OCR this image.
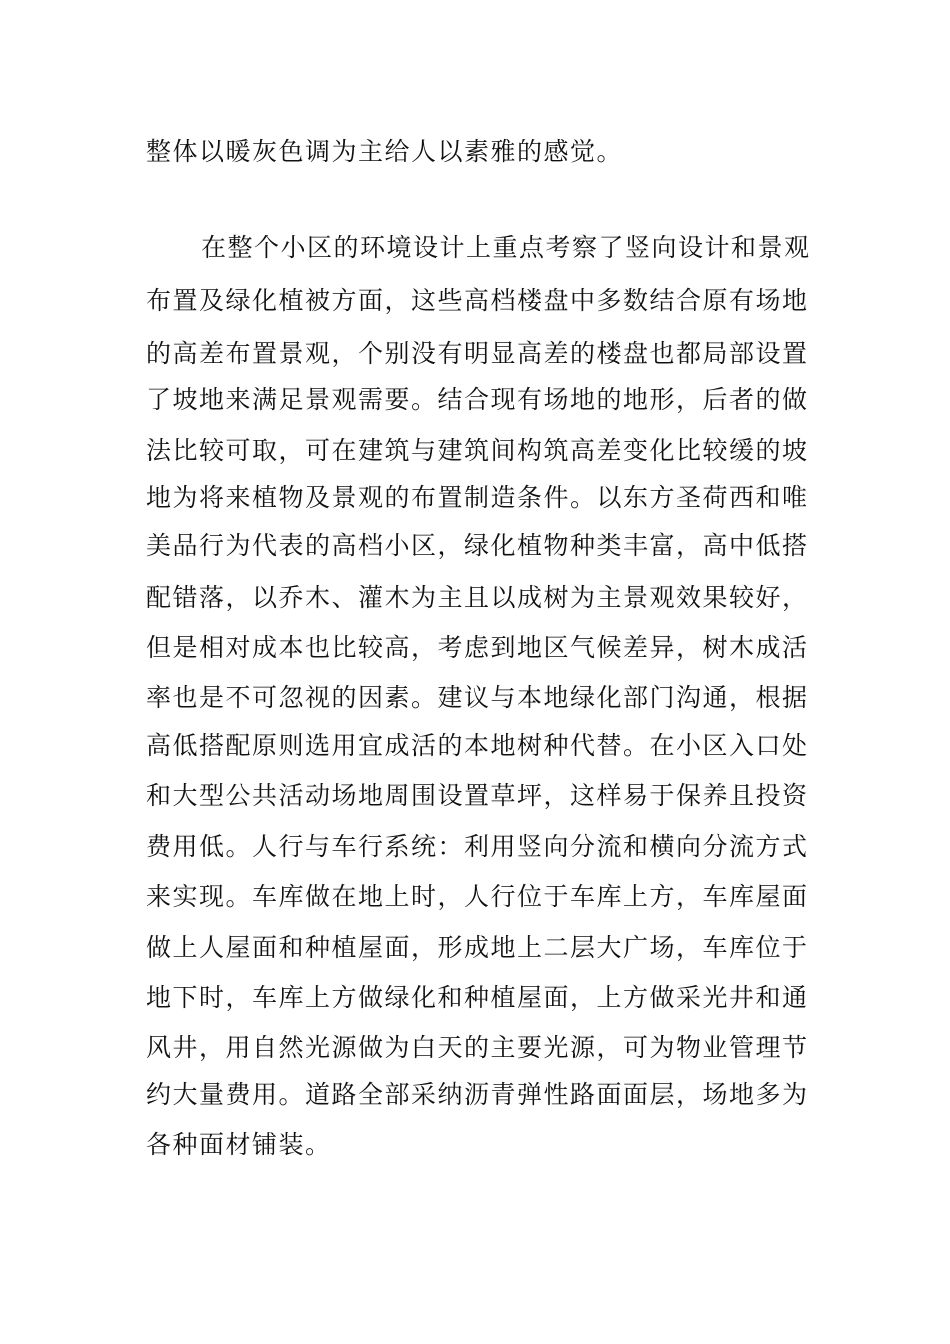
整体以暖灰色调为主给人以素雅的感觉。

在整个小区的环境设计上重点考察了竖向设计和景观

布置及绿化植被方面，这些高档楼盘中多数结合原有场地

的高差布置景观，个别没有明显高差的楼盘也都局部设置

了坡地来满足景观需要。结合现有场地的地形，后者的做

法比较可取，可在建筑与建筑间构筑高差变化比较缓的坡

地为将来植物及景观的布置制造条件。以东方圣荷西和唯

美品行为代表的高档小区，绿化植物种类丰富，高中低搭

配错落，以乔木、灌木为主且以成树为主景观效果较好，

但是相对成本也比较高，考虑到地区气候差异，树木成活

率也是不可忽视的因素。建议与本地绿化部门沟通，根据

高低搭配原则选用宜成活的本地树种代替。在小区入口处

和大型公共活动场地周围设置草坪，这样易于保养且投资

费用低。人行与车行系统：利用竖向分流和横向分流方式

来实现。车库做在地上时，人行位于车库上方，车库屋面

做上人屋面和种植屋面，形成地上二层大广场，车库位于

地下时，车库上方做绿化和种植屋面，上方做采光井和通

风井，用自然光源做为白天的主要光源，可为物业管理节

约大量费用。道路全部采纳沥青弹性路面面层，场地多为

各种面材铺装。
